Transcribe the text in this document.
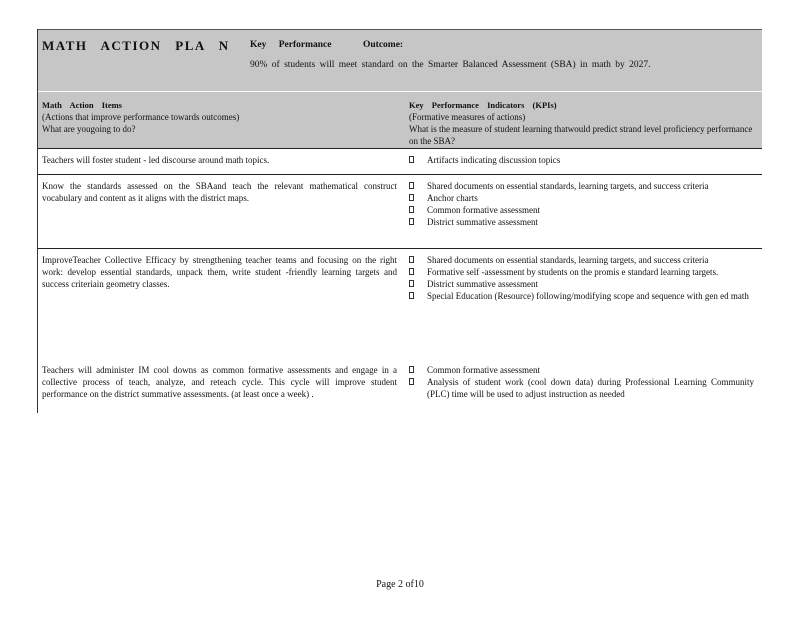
MATH ACTION PLA N Key Performance	Outcome:
90% of students will meet standard on the Smarter Balanced Assessment (SBA) in math by 2027.
Math Action Items
(Actions that improve performance towards outcomes)
What are yougoing to do?
Key Performance Indicators (KPIs)
(Formative measures of actions)
What is the measure of student learning thatwould predict strand level proficiency performance on the SBA?
Teachers will foster student - led discourse around math topics.	Artifacts indicating discussion topics
Know the standards assessed on the SBAand teach the relevant mathematical construct vocabulary and content as it aligns with the district maps.
Shared documents on essential standards, learning targets, and success criteria
Anchor charts
Common formative assessment
District summative assessment
ImproveTeacher Collective Efficacy by strengthening teacher teams and focusing on the right work: develop essential standards, unpack them, write student -friendly learning targets and success criteriain geometry classes.
Shared documents on essential standards, learning targets, and success criteria
Formative self -assessment by students on the promis e standard learning targets.
District summative assessment
Special Education (Resource) following/modifying scope and sequence with gen ed math
Teachers will administer IM cool downs as common formative assessments and engage in a collective process of teach, analyze, and reteach cycle. This cycle will improve student performance on the district summative assessments. (at least once a week) .
Common formative assessment
Analysis of student work (cool down data) during Professional Learning Community (PLC) time will be used to adjust instruction as needed
Page 2 of10
